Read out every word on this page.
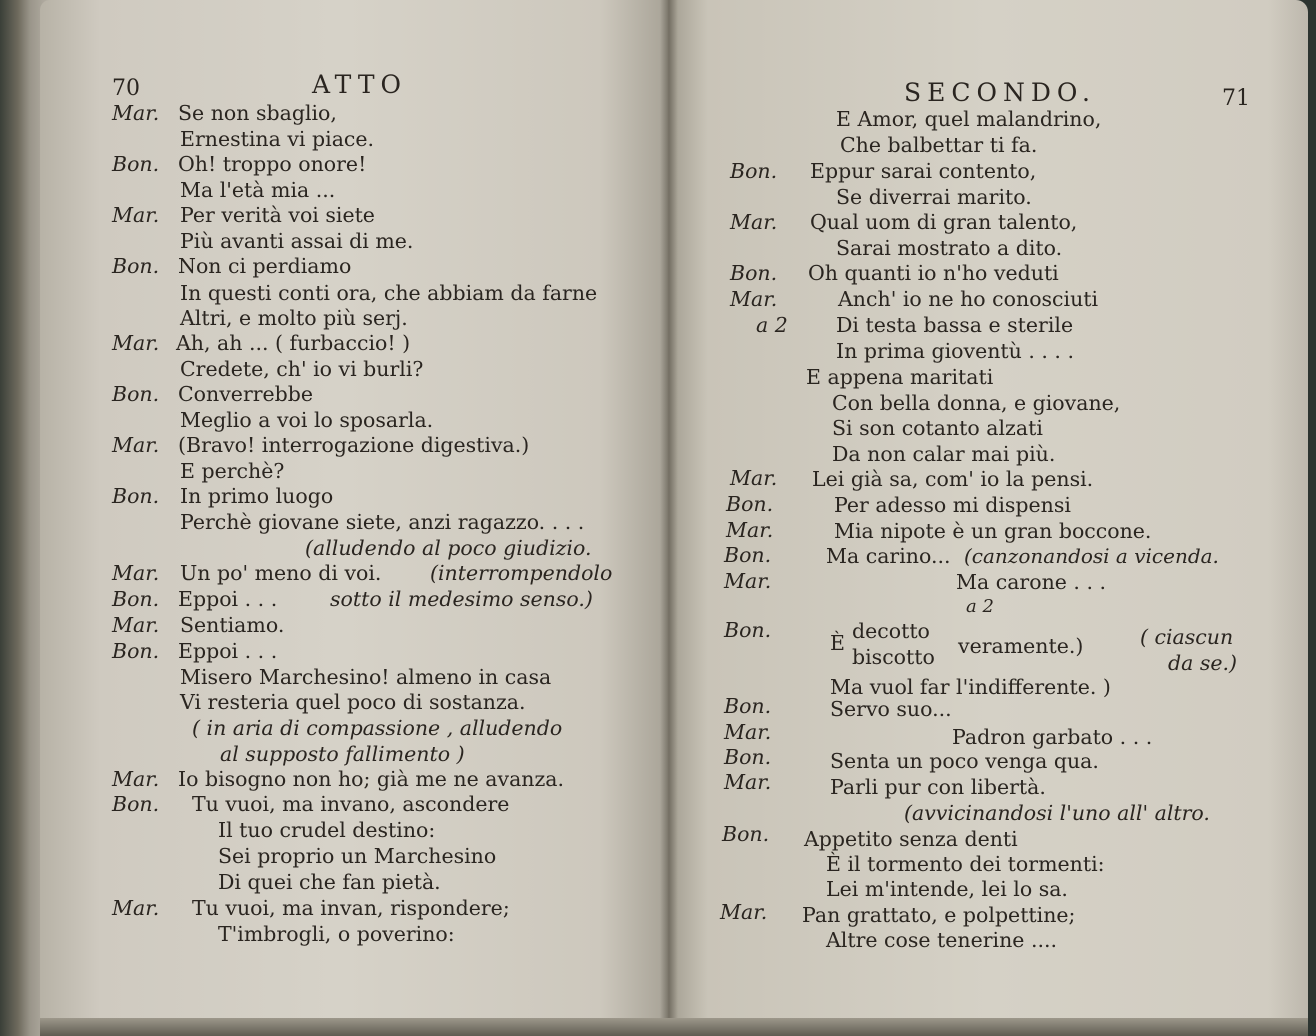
70	ATTO	SECONDO.	71
Mar. Se non sbaglio,
Ernestina vi piace.
Bon. Oh! troppo onore!
Ma l'età mia ...
Mar. Per verità voi siete
Più avanti assai di me.
Bon. Non ci perdiamo
In questi conti ora, che abbiam da farne
Altri, e molto più serj.
Mar. Ah, ah ... ( furbaccio! )
Credete, ch' io vi burli?
Bon. Converrebbe
Meglio a voi lo sposarla.
Mar. (Bravo! interrogazione digestiva.)
E perchè?
Bon. In primo luogo
Perchè giovane siete, anzi ragazzo. . . .
(alludendo al poco giudizio.
Mar. Un po' meno di voi. (interrompendolo
Bon. Eppoi . . .	sotto il medesimo senso.)
Mar. Sentiamo.
Bon. Eppoi . . .
Misero Marchesino! almeno in casa
Vi resteria quel poco di sostanza.
( in aria di compassione , alludendo
al supposto fallimento )
Mar. Io bisogno non ho; già me ne avanza.
Bon. Tu vuoi, ma invano, ascondere
Il tuo crudel destino:
Sei proprio un Marchesino
Di quei che fan pietà.
Mar. Tu vuoi, ma invan, rispondere;
T'imbrogli, o poverino:
E Amor, quel malandrino,
Che balbettar ti fa.
Bon. Eppur sarai contento,
Se diverrai marito.
Mar. Qual uom di gran talento,
Sarai mostrato a dito.
Bon. Oh quanti io n'ho veduti
Mar.	Anch' io ne ho conosciuti
a 2 Di testa bassa e sterile
In prima gioventù . . . .
E appena maritati
Con bella donna, e giovane,
Si son cotanto alzati
Da non calar mai più.
Mar. Lei già sa, com' io la pensi.
Bon.	Per adesso mi dispensi
Mar.	Mia nipote è un gran boccone.
Bon.	Ma carino... (canzonandosi a vicenda.
Mar.	Ma carone . . .
a 2
Bon.
È decotto
biscotto veramente.)	( ciascun
da se.)
Ma vuol far l'indifferente. )
Bon.	Servo suo...
Mar.	Padron garbato . . .
Bon.	Senta un poco venga qua.
Mar.	Parli pur con libertà.
(avvicinandosi l'uno all' altro.
Bon. Appetito senza denti
È il tormento dei tormenti:
Lei m'intende, lei lo sa.
Mar. Pan grattato, e polpettine;
Altre cose tenerine ....
